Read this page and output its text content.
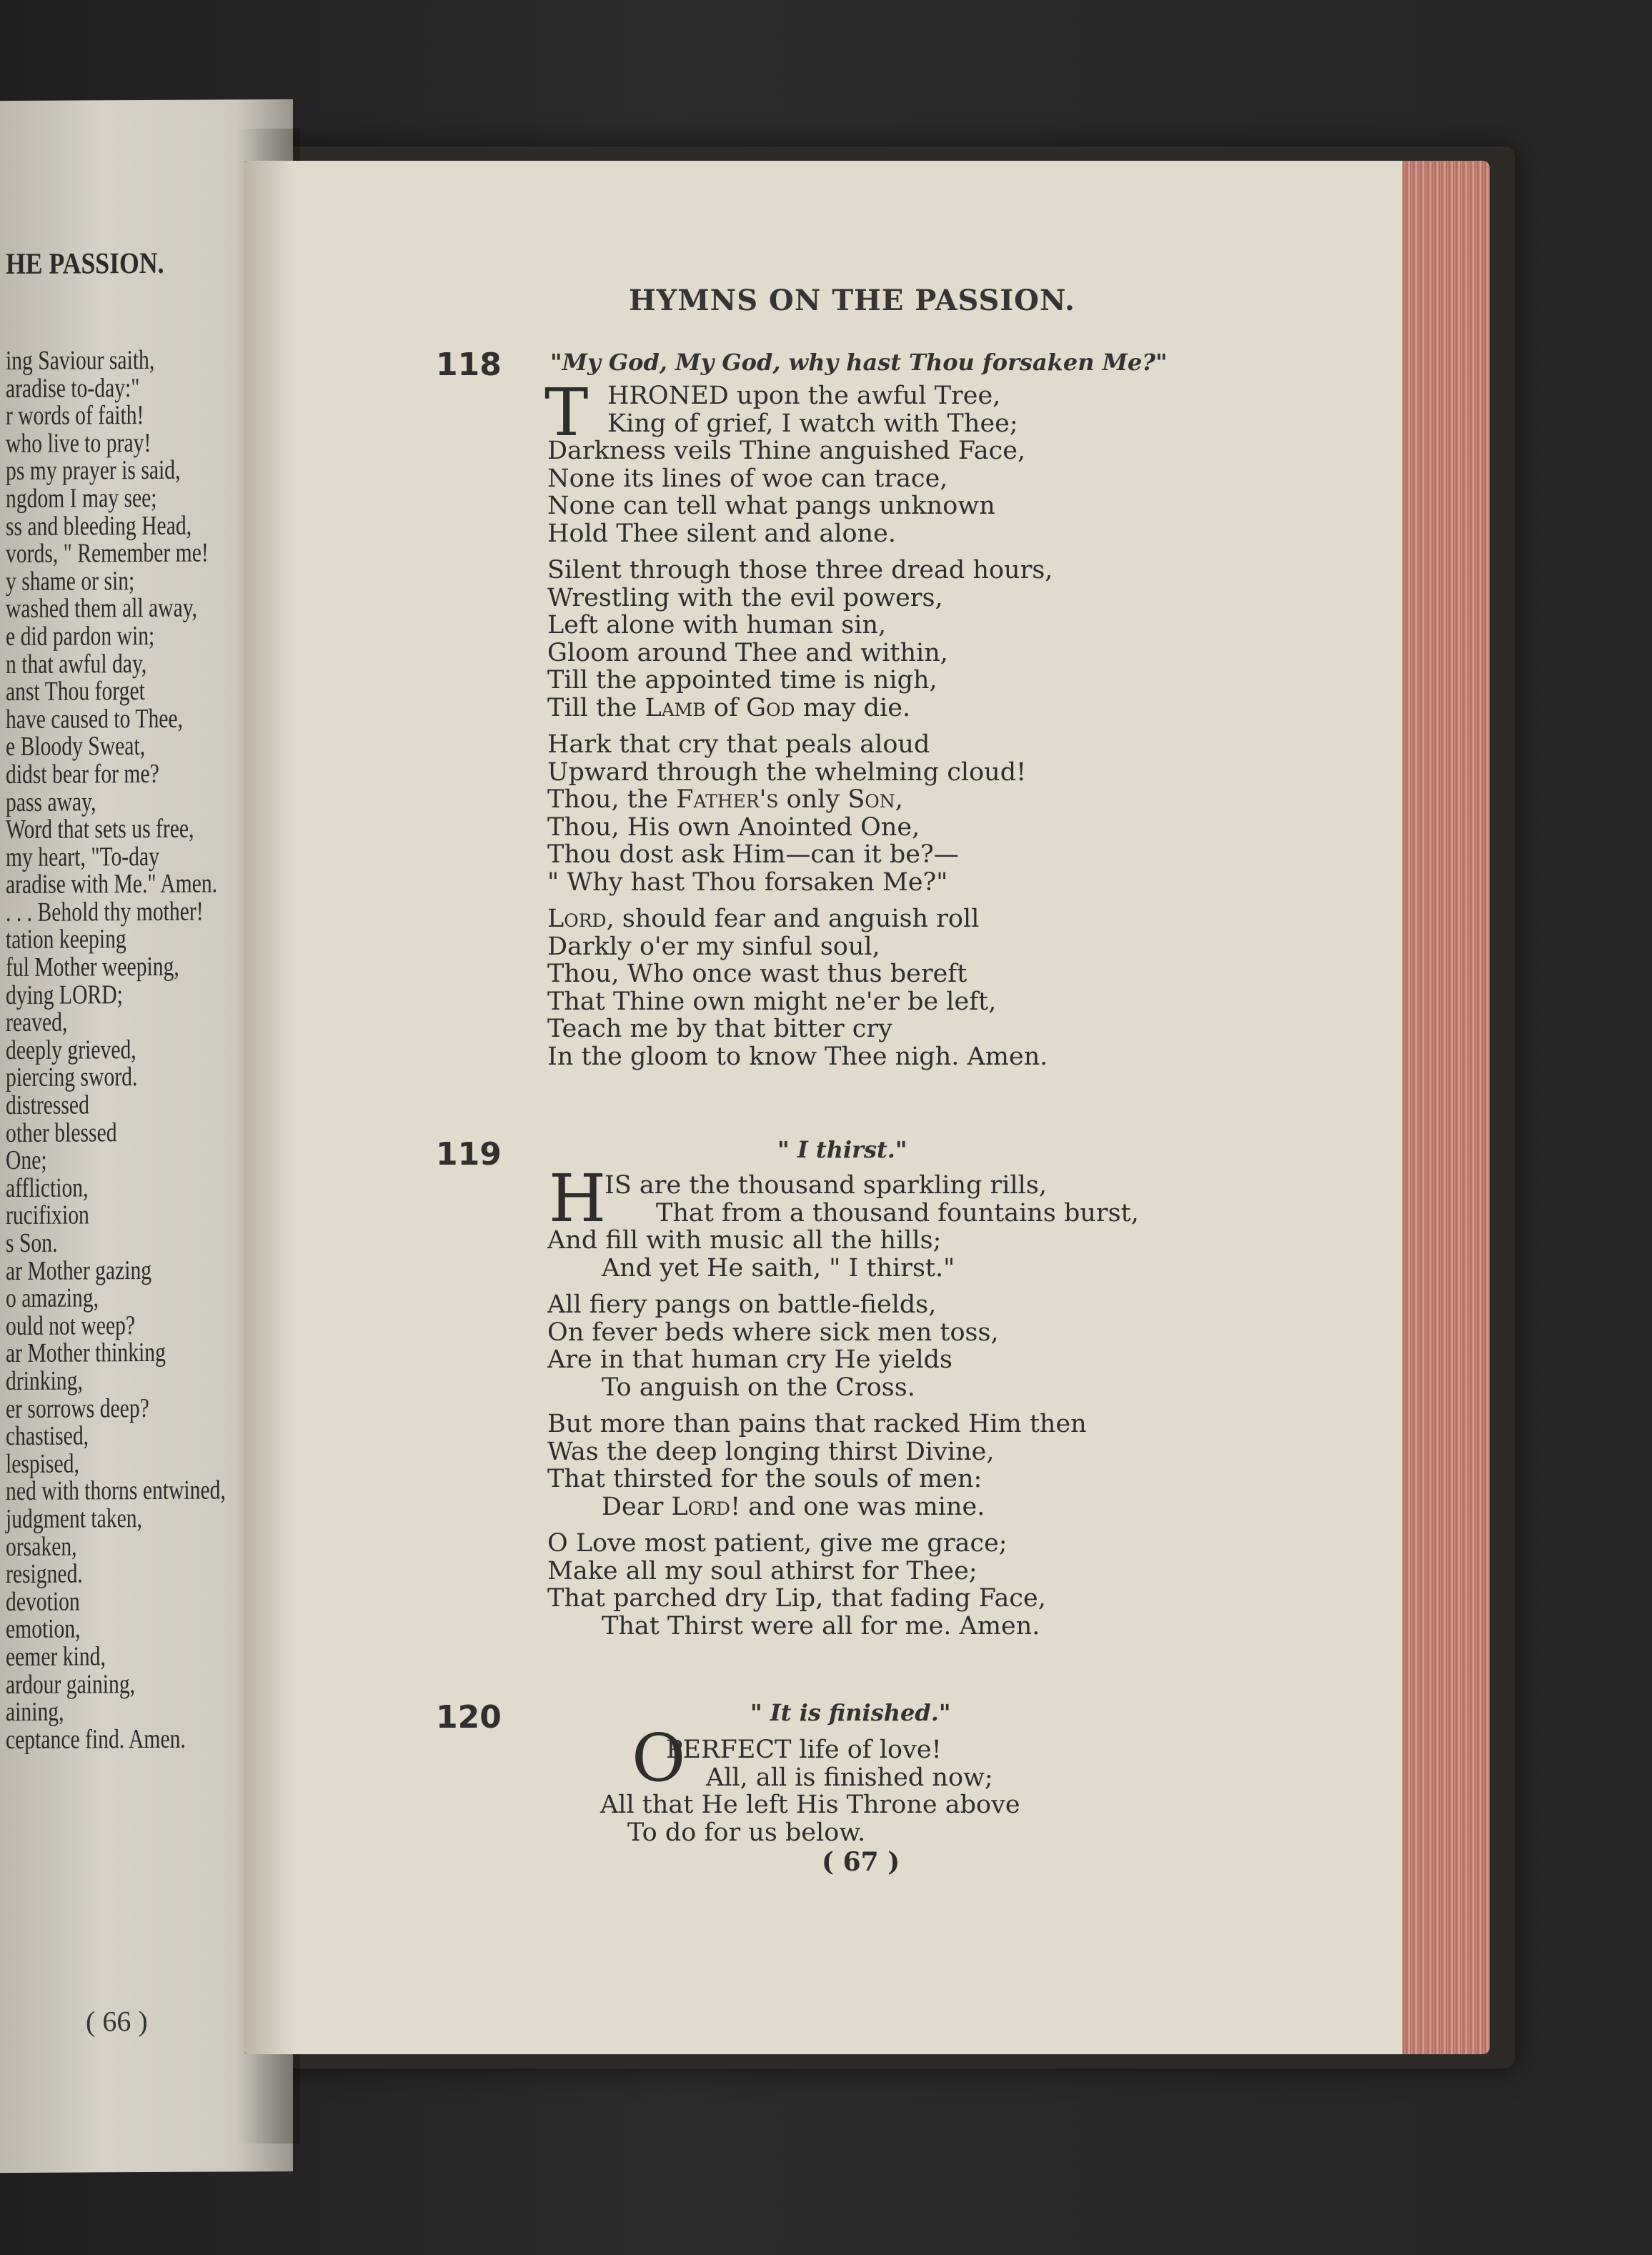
HE PASSION.
ing Saviour saith,
aradise to-day:"
r words of faith!
who live to pray!
ps my prayer is said,
ngdom I may see;
ss and bleeding Head,
vords, " Remember me!
y shame or sin;
washed them all away,
e did pardon win;
n that awful day,
anst Thou forget
have caused to Thee,
e Bloody Sweat,
didst bear for me?
pass away,
Word that sets us free,
my heart, "To-day
aradise with Me." Amen.
. . . Behold thy mother!
tation keeping
ful Mother weeping,
dying LORD;
reaved,
deeply grieved,
piercing sword.
distressed
other blessed
One;
affliction,
rucifixion
s Son.
ar Mother gazing
o amazing,
ould not weep?
ar Mother thinking
drinking,
er sorrows deep?
chastised,
lespised,
ned with thorns entwined,
judgment taken,
orsaken,
resigned.
devotion
emotion,
eemer kind,
ardour gaining,
aining,
ceptance find. Amen.
( 66 )
HYMNS ON THE PASSION.
118 "My God, My God, why hast Thou forsaken Me?"
T HRONED upon the awful Tree,
King of grief, I watch with Thee;
Darkness veils Thine anguished Face,
None its lines of woe can trace,
None can tell what pangs unknown
Hold Thee silent and alone.
Silent through those three dread hours,
Wrestling with the evil powers,
Left alone with human sin,
Gloom around Thee and within,
Till the appointed time is nigh,
Till the Lamb of God may die.
Hark that cry that peals aloud
Upward through the whelming cloud!
Thou, the Father's only Son,
Thou, His own Anointed One,
Thou dost ask Him—can it be?—
" Why hast Thou forsaken Me?"
Lord, should fear and anguish roll
Darkly o'er my sinful soul,
Thou, Who once wast thus bereft
That Thine own might ne'er be left,
Teach me by that bitter cry
In the gloom to know Thee nigh. Amen.
119	" I thirst."
H
IS are the thousand sparkling rills,
That from a thousand fountains burst,
And fill with music all the hills;
And yet He saith, " I thirst."
All fiery pangs on battle-fields,
On fever beds where sick men toss,
Are in that human cry He yields
To anguish on the Cross.
But more than pains that racked Him then
Was the deep longing thirst Divine,
That thirsted for the souls of men:
Dear Lord! and one was mine.
O Love most patient, give me grace;
Make all my soul athirst for Thee;
That parched dry Lip, that fading Face,
That Thirst were all for me. Amen.
120	" It is finished."
O
PERFECT life of love!
All, all is finished now;
All that He left His Throne above
To do for us below.
( 67 )
